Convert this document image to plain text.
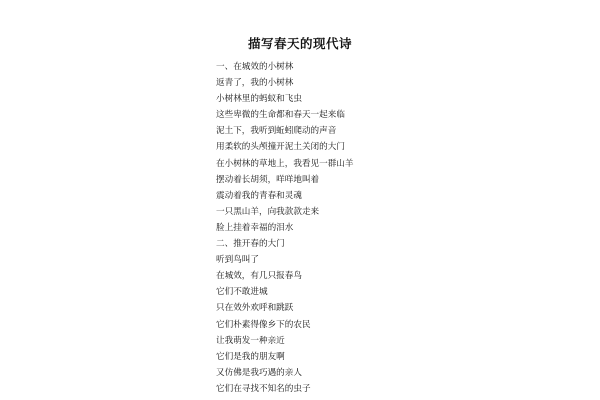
描写春天的现代诗
一、在城效的小树林
返青了，我的小树林
小树林里的蚂蚁和飞虫
这些卑微的生命都和春天一起来临
泥土下，我听到蚯蚓爬动的声音
用柔软的头颅撞开泥土关闭的大门
在小树林的草地上，我看见一群山羊
摆动着长胡须，咩咩地叫着
震动着我的青春和灵魂
一只黑山羊，向我款款走来
脸上挂着幸福的泪水
二、推开春的大门
听到鸟叫了
在城效，有几只报春鸟
它们不敢进城
只在效外欢呼和跳跃
它们朴素得像乡下的农民
让我萌发一种亲近
它们是我的朋友啊
又仿佛是我巧遇的亲人
它们在寻找不知名的虫子
